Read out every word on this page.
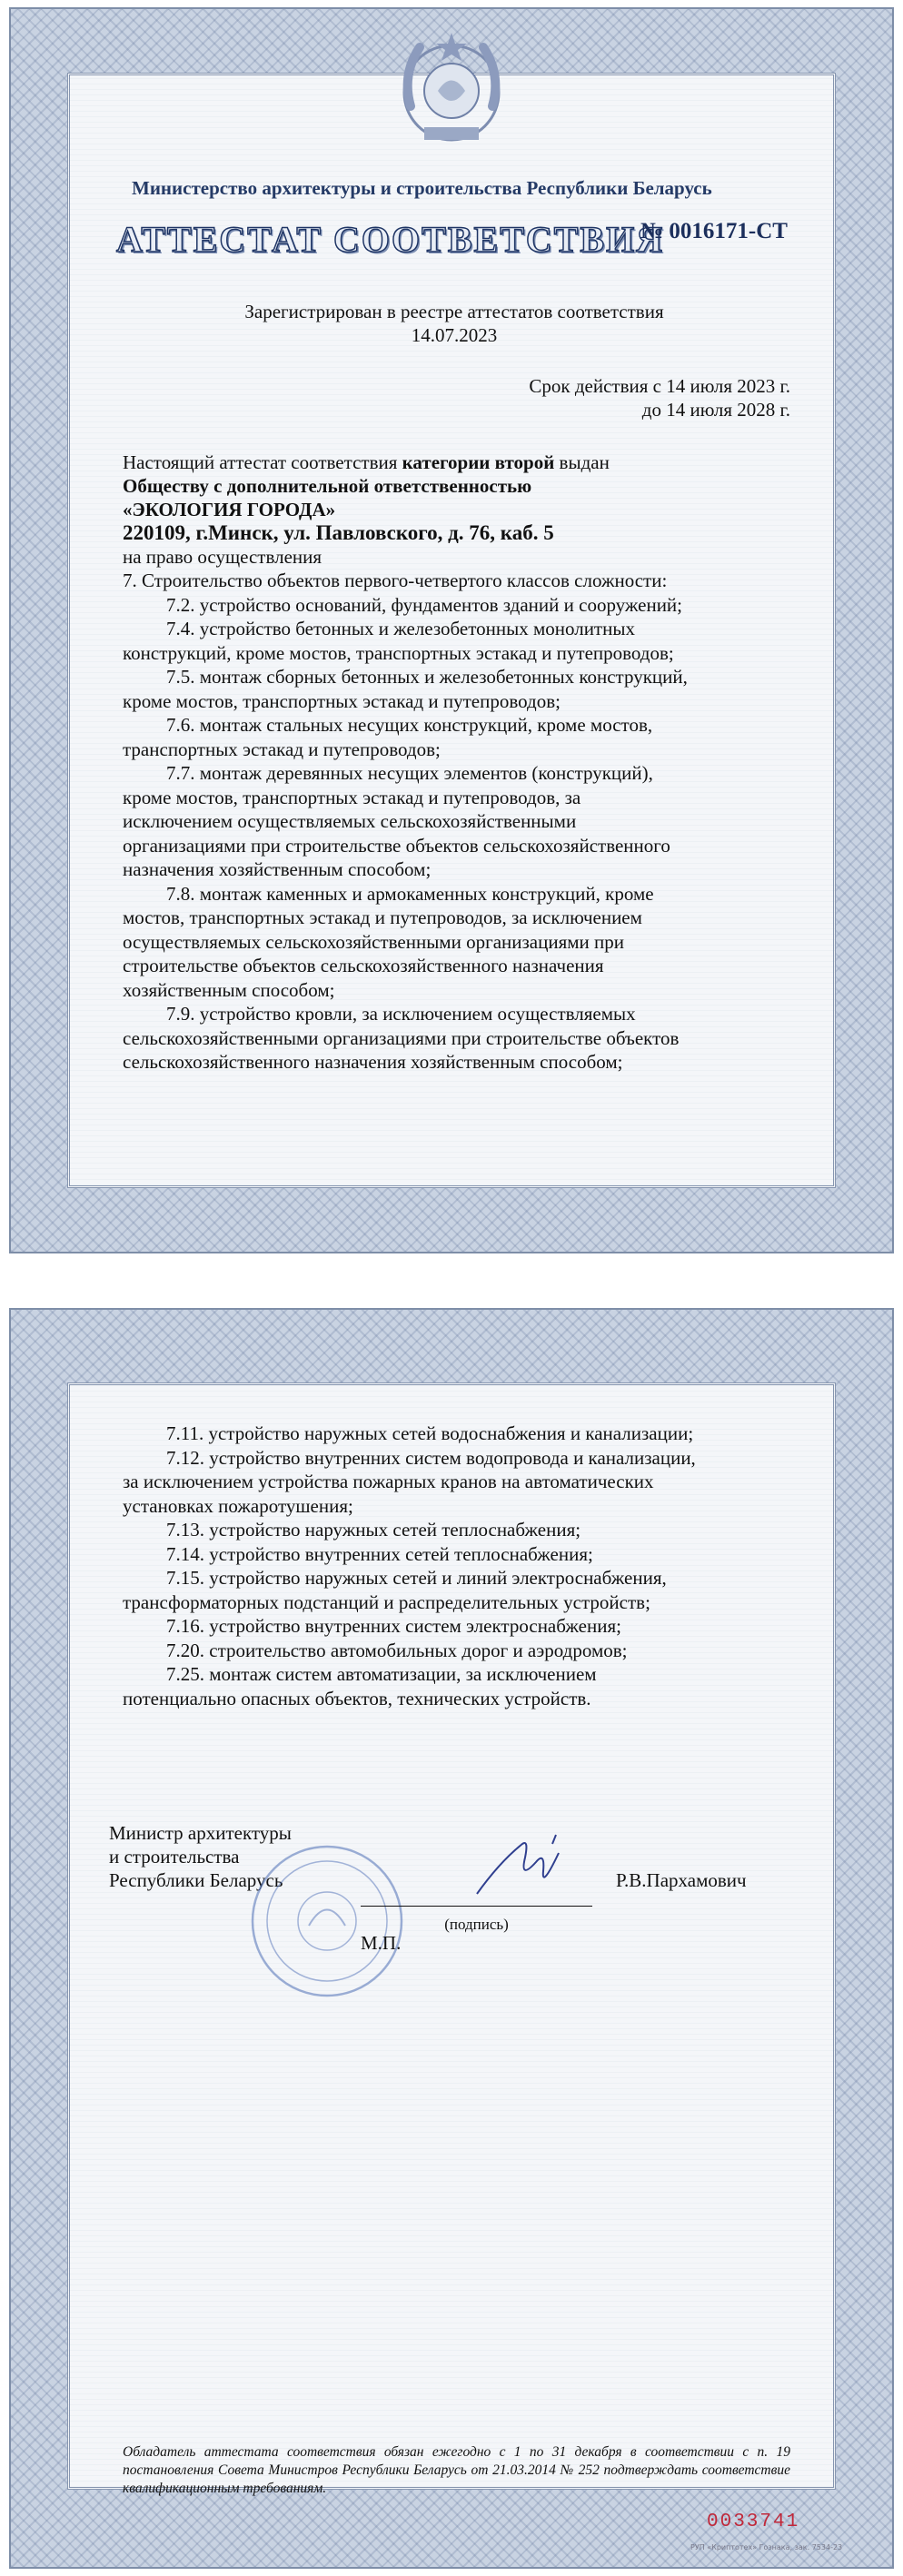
Министерство архитектуры и строительства Республики Беларусь
АТТЕСТАТ СООТВЕТСТВИЯ
№ 0016171-СТ
Зарегистрирован в реестре аттестатов соответствия
14.07.2023
Срок действия с 14 июля 2023 г.
до 14 июля 2028 г.
Настоящий аттестат соответствия категории второй выдан
Обществу с дополнительной ответственностью
«ЭКОЛОГИЯ ГОРОДА»
220109, г.Минск, ул. Павловского, д. 76, каб. 5
на право осуществления
7. Строительство объектов первого-четвертого классов сложности:
7.2. устройство оснований, фундаментов зданий и сооружений;
7.4. устройство бетонных и железобетонных монолитных
конструкций, кроме мостов, транспортных эстакад и путепроводов;
7.5. монтаж сборных бетонных и железобетонных конструкций,
кроме мостов, транспортных эстакад и путепроводов;
7.6. монтаж стальных несущих конструкций, кроме мостов,
транспортных эстакад и путепроводов;
7.7. монтаж деревянных несущих элементов (конструкций),
кроме мостов, транспортных эстакад и путепроводов, за
исключением осуществляемых сельскохозяйственными
организациями при строительстве объектов сельскохозяйственного
назначения хозяйственным способом;
7.8. монтаж каменных и армокаменных конструкций, кроме
мостов, транспортных эстакад и путепроводов, за исключением
осуществляемых сельскохозяйственными организациями при
строительстве объектов сельскохозяйственного назначения
хозяйственным способом;
7.9. устройство кровли, за исключением осуществляемых
сельскохозяйственными организациями при строительстве объектов
сельскохозяйственного назначения хозяйственным способом;
7.11. устройство наружных сетей водоснабжения и канализации;
7.12. устройство внутренних систем водопровода и канализации,
за исключением устройства пожарных кранов на автоматических
установках пожаротушения;
7.13. устройство наружных сетей теплоснабжения;
7.14. устройство внутренних сетей теплоснабжения;
7.15. устройство наружных сетей и линий электроснабжения,
трансформаторных подстанций и распределительных устройств;
7.16. устройство внутренних систем электроснабжения;
7.20. строительство автомобильных дорог и аэродромов;
7.25. монтаж систем автоматизации, за исключением
потенциально опасных объектов, технических устройств.
Министр архитектуры
и строительства
Республики Беларусь
(подпись)
Р.В.Пархамович
М.П.
Обладатель аттестата соответствия обязан ежегодно с 1 по 31 декабря в соответствии с п. 19 постановления Совета Министров Республики Беларусь от 21.03.2014 № 252 подтверждать соответствие квалификационным требованиям.
0033741
РУП «Криптотех» Гознака, зак. 7534-23
